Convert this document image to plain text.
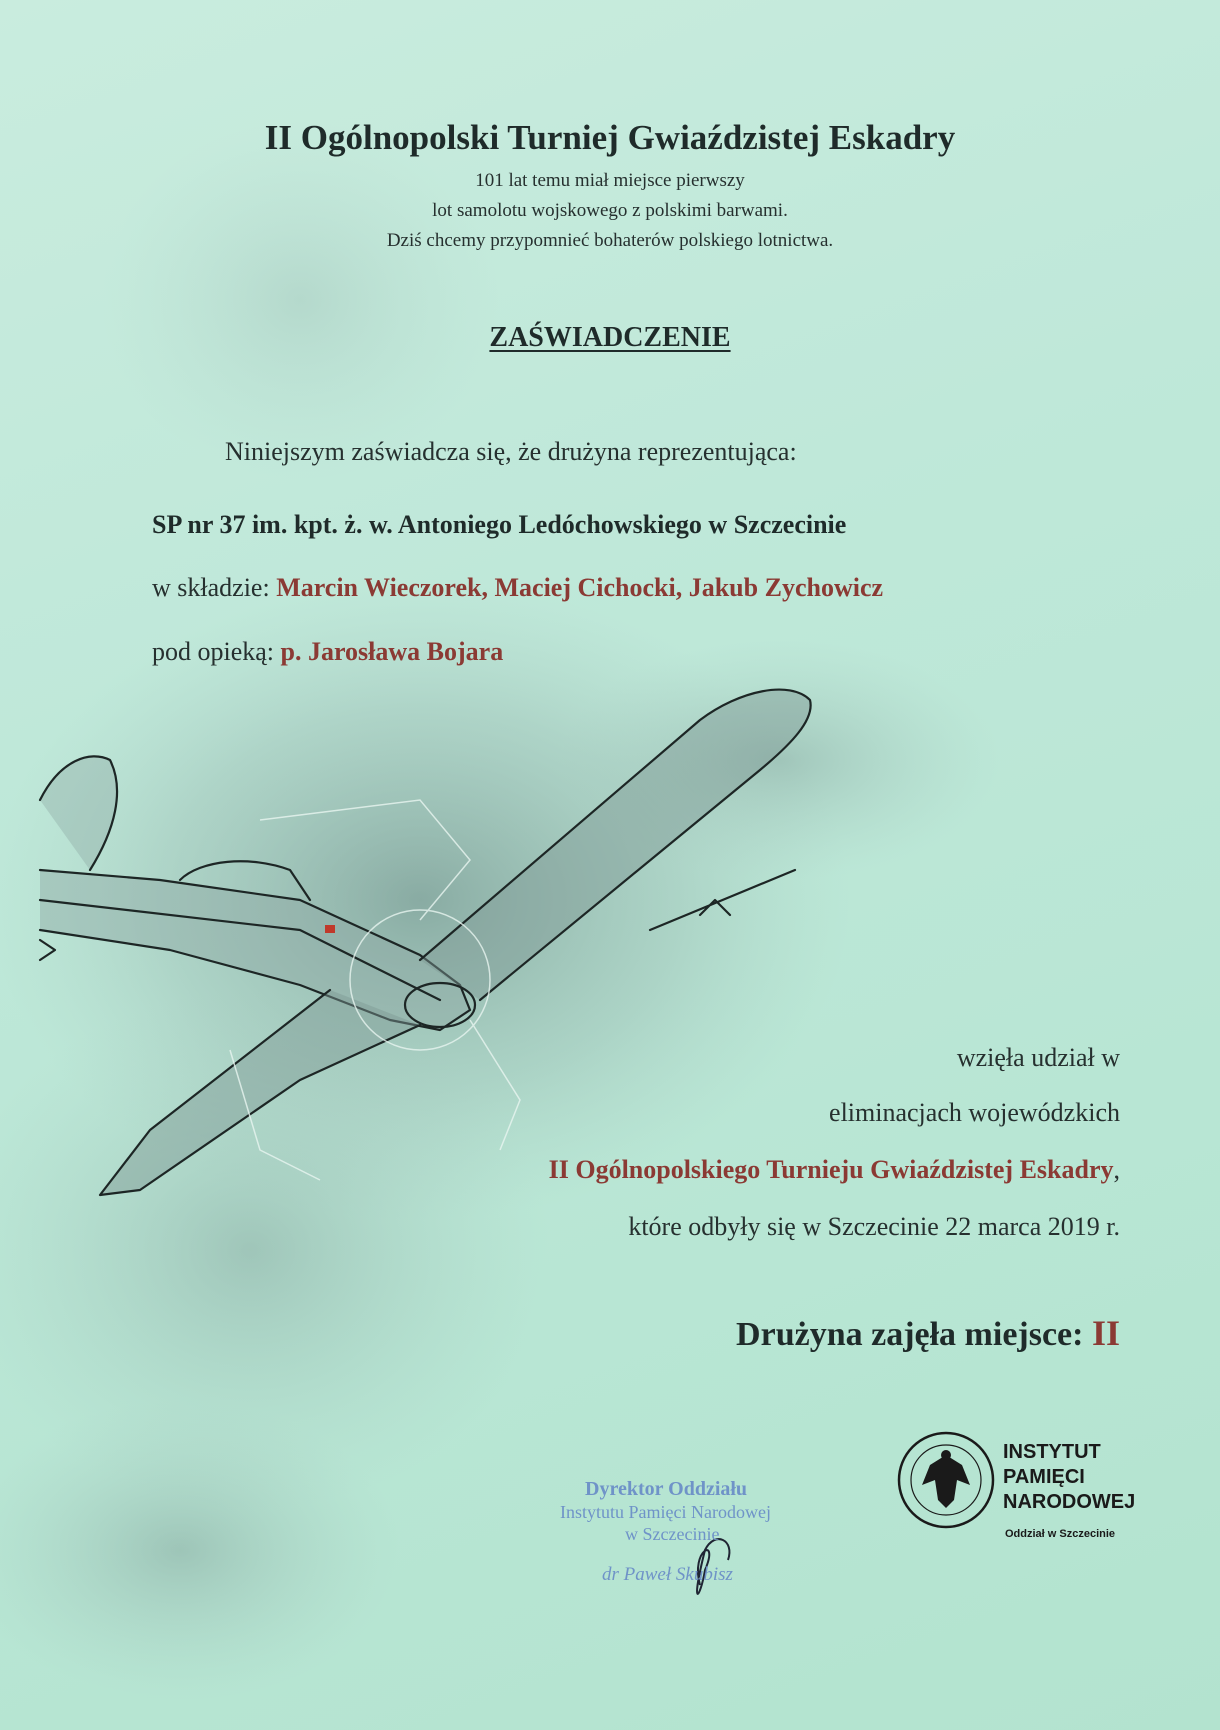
II Ogólnopolski Turniej Gwiaździstej Eskadry
101 lat temu miał miejsce pierwszy
lot samolotu wojskowego z polskimi barwami.
Dziś chcemy przypomnieć bohaterów polskiego lotnictwa.
ZAŚWIADCZENIE
Niniejszym zaświadcza się, że drużyna reprezentująca:
SP nr 37 im. kpt. ż. w. Antoniego Ledóchowskiego w Szczecinie
w składzie: Marcin Wieczorek, Maciej Cichocki, Jakub Zychowicz
pod opieką: p. Jarosława Bojara
wzięła udział w
eliminacjach wojewódzkich
II Ogólnopolskiego Turnieju Gwiaździstej Eskadry,
które odbyły się w Szczecinie 22 marca 2019 r.
Drużyna zajęła miejsce: II
Dyrektor Oddziału
Instytutu Pamięci Narodowej
w Szczecinie
dr Paweł Skubisz
INSTYTUT
PAMIĘCI
NARODOWEJ
Oddział w Szczecinie
